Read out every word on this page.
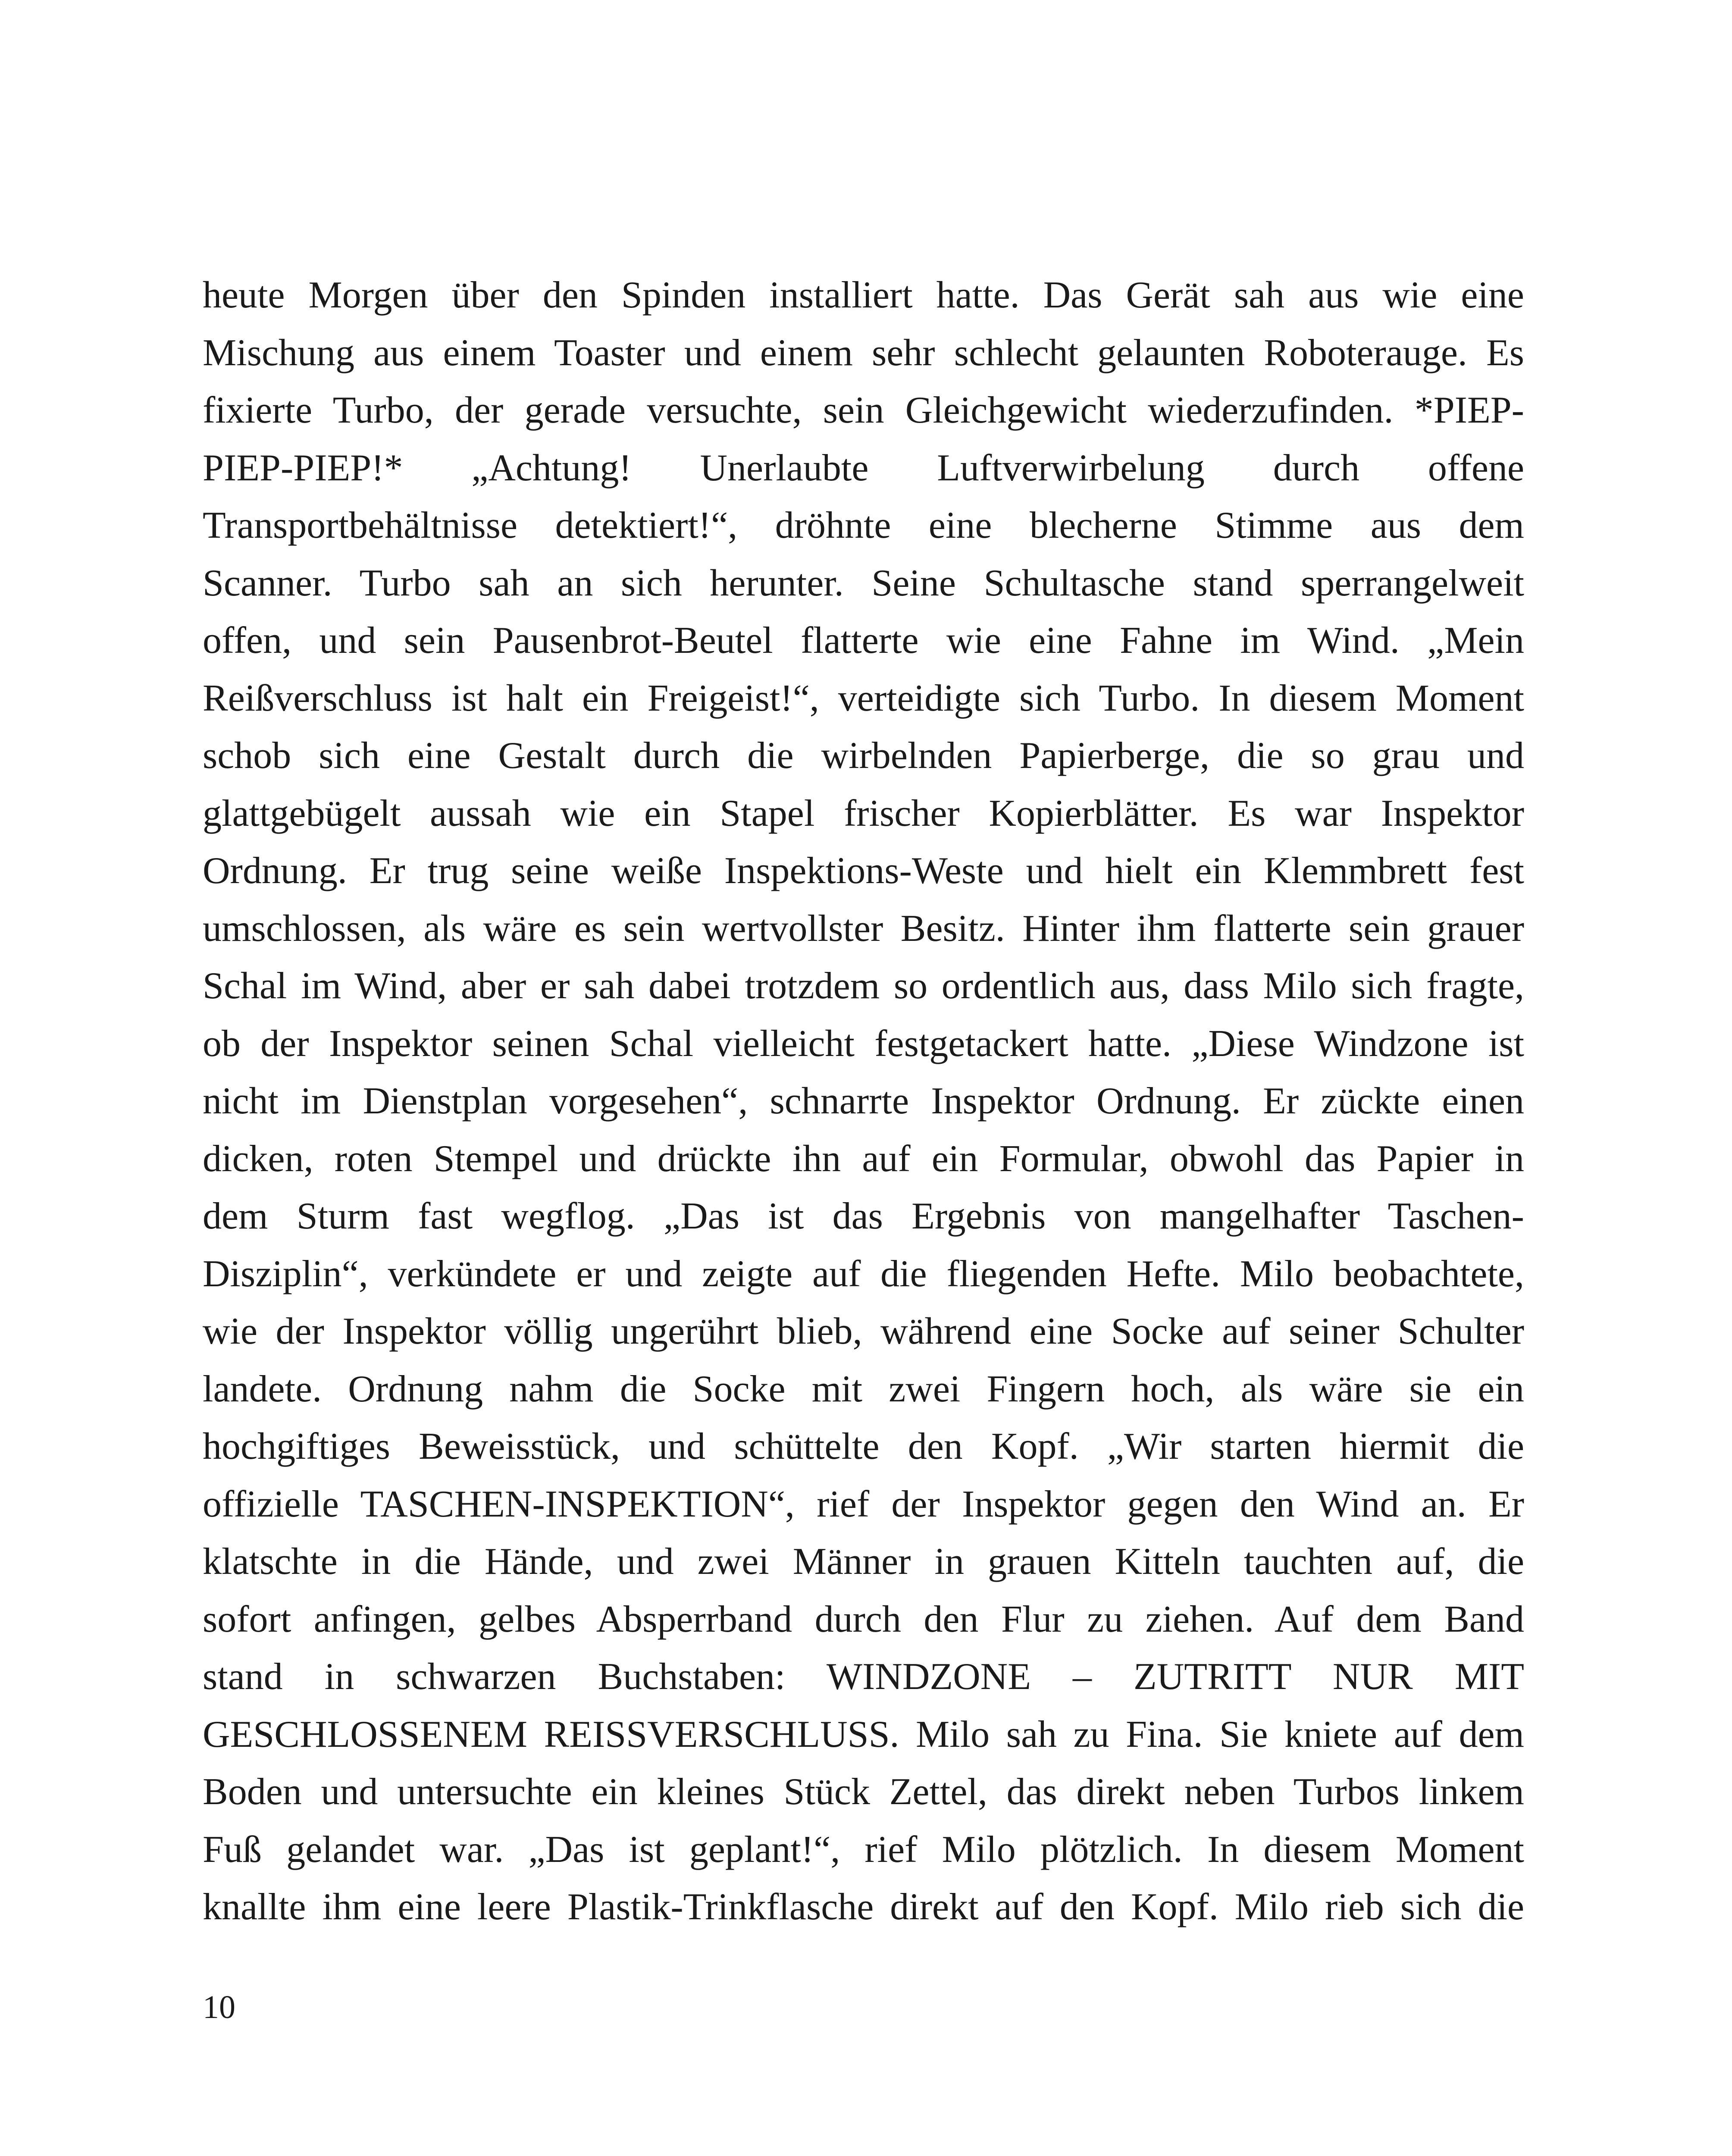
heute Morgen über den Spinden installiert hatte. Das Gerät sah aus wie eine
Mischung aus einem Toaster und einem sehr schlecht gelaunten Roboterauge. Es
fixierte Turbo, der gerade versuchte, sein Gleichgewicht wiederzufinden. *PIEP-
PIEP-PIEP!* „Achtung! Unerlaubte Luftverwirbelung durch offene
Transportbehältnisse detektiert!“, dröhnte eine blecherne Stimme aus dem
Scanner. Turbo sah an sich herunter. Seine Schultasche stand sperrangelweit
offen, und sein Pausenbrot-Beutel flatterte wie eine Fahne im Wind. „Mein
Reißverschluss ist halt ein Freigeist!“, verteidigte sich Turbo. In diesem Moment
schob sich eine Gestalt durch die wirbelnden Papierberge, die so grau und
glattgebügelt aussah wie ein Stapel frischer Kopierblätter. Es war Inspektor
Ordnung. Er trug seine weiße Inspektions-Weste und hielt ein Klemmbrett fest
umschlossen, als wäre es sein wertvollster Besitz. Hinter ihm flatterte sein grauer
Schal im Wind, aber er sah dabei trotzdem so ordentlich aus, dass Milo sich fragte,
ob der Inspektor seinen Schal vielleicht festgetackert hatte. „Diese Windzone ist
nicht im Dienstplan vorgesehen“, schnarrte Inspektor Ordnung. Er zückte einen
dicken, roten Stempel und drückte ihn auf ein Formular, obwohl das Papier in
dem Sturm fast wegflog. „Das ist das Ergebnis von mangelhafter Taschen-
Disziplin“, verkündete er und zeigte auf die fliegenden Hefte. Milo beobachtete,
wie der Inspektor völlig ungerührt blieb, während eine Socke auf seiner Schulter
landete. Ordnung nahm die Socke mit zwei Fingern hoch, als wäre sie ein
hochgiftiges Beweisstück, und schüttelte den Kopf. „Wir starten hiermit die
offizielle TASCHEN-INSPEKTION“, rief der Inspektor gegen den Wind an. Er
klatschte in die Hände, und zwei Männer in grauen Kitteln tauchten auf, die
sofort anfingen, gelbes Absperrband durch den Flur zu ziehen. Auf dem Band
stand in schwarzen Buchstaben: WINDZONE – ZUTRITT NUR MIT
GESCHLOSSENEM REISSVERSCHLUSS. Milo sah zu Fina. Sie kniete auf dem
Boden und untersuchte ein kleines Stück Zettel, das direkt neben Turbos linkem
Fuß gelandet war. „Das ist geplant!“, rief Milo plötzlich. In diesem Moment
knallte ihm eine leere Plastik-Trinkflasche direkt auf den Kopf. Milo rieb sich die
10
